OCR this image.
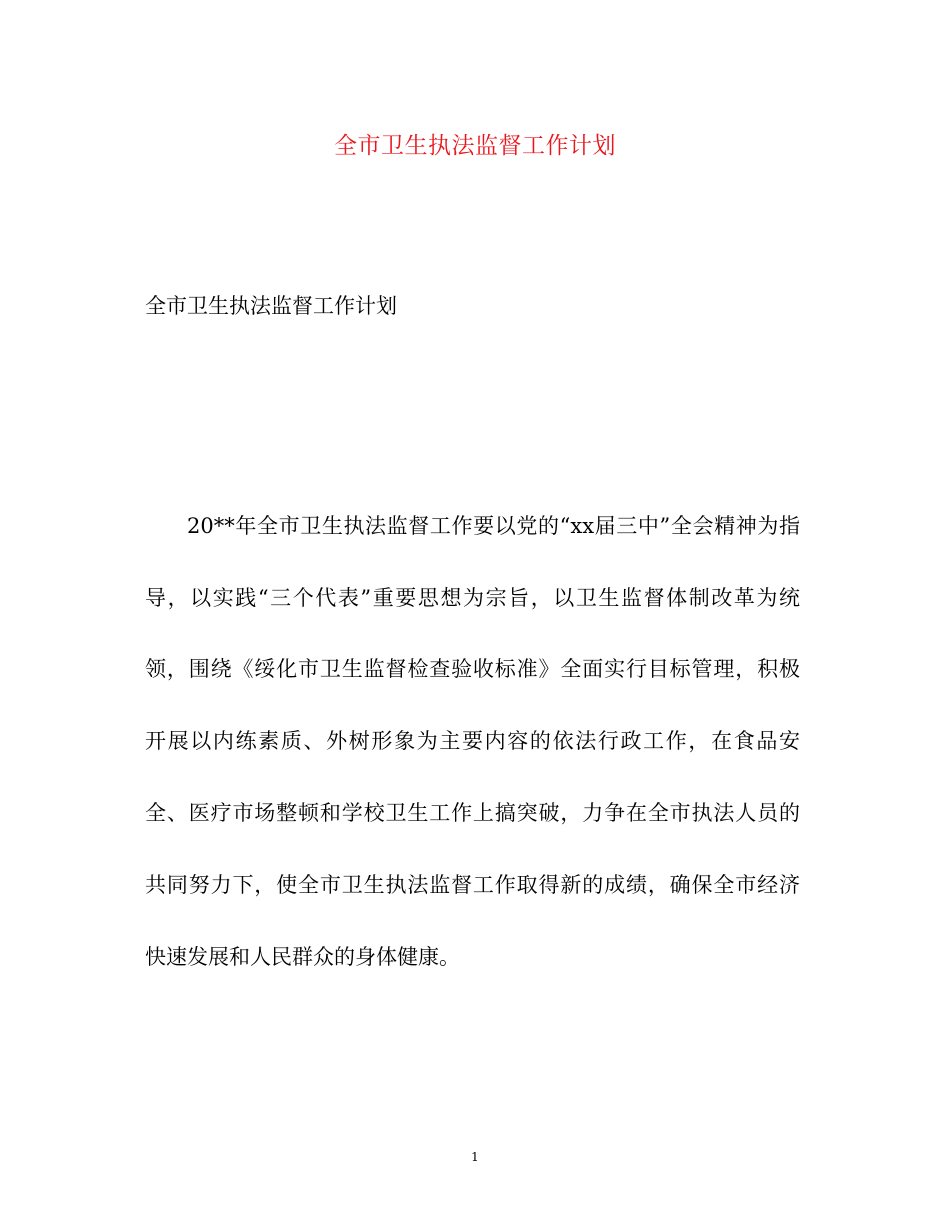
全市卫生执法监督工作计划
全市卫生执法监督工作计划
20**年全市卫生执法监督工作要以党的“xx届三中”全会精神为指
导，以实践“三个代表”重要思想为宗旨，以卫生监督体制改革为统
领，围绕《绥化市卫生监督检查验收标准》全面实行目标管理，积极
开展以内练素质、外树形象为主要内容的依法行政工作，在食品安
全、医疗市场整顿和学校卫生工作上搞突破，力争在全市执法人员的
共同努力下，使全市卫生执法监督工作取得新的成绩，确保全市经济
快速发展和人民群众的身体健康。
1
